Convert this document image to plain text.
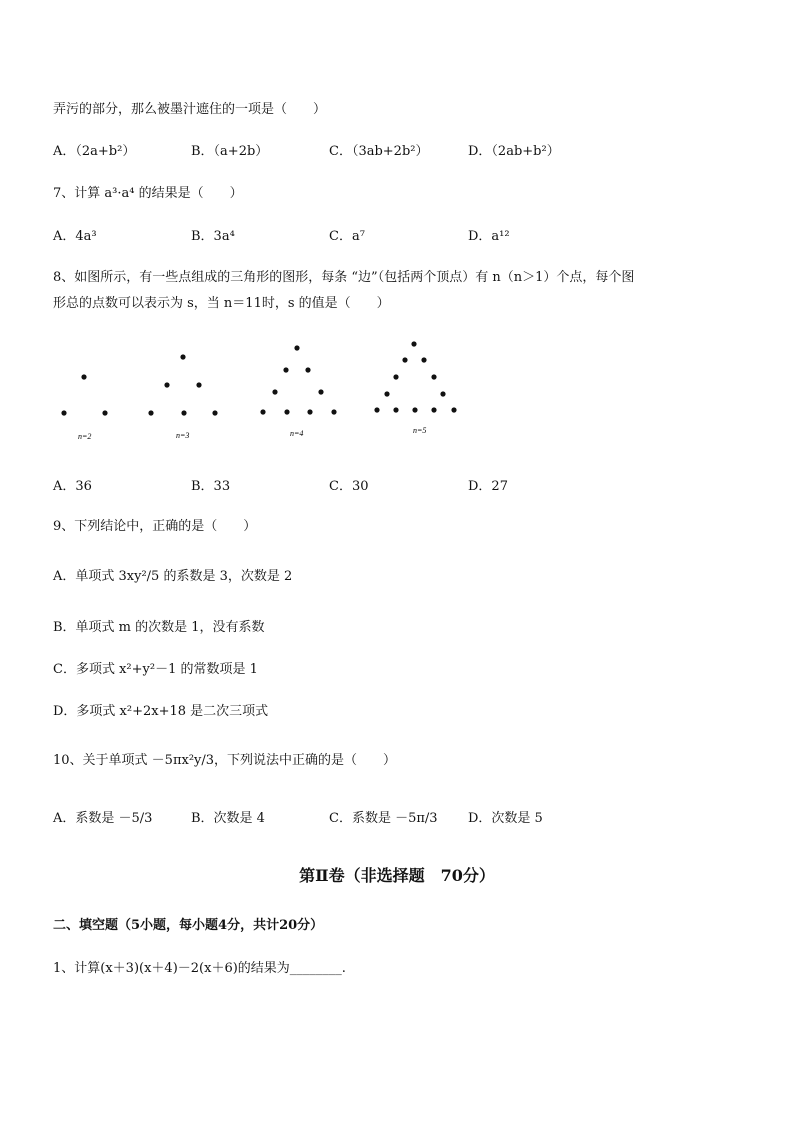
弄污的部分，那么被墨汁遮住的一项是（　　）
A．（2a+b²）	B．（a+2b）	C．（3ab+2b²）	D．（2ab+b²）
7、计算 a³·a⁴ 的结果是（　　）
A．4a³	B．3a⁴	C．a⁷	D．a¹²
8、如图所示，有一些点组成的三角形的图形，每条 “边”（包括两个顶点）有 n（n＞1）个点，每个图
形总的点数可以表示为 s，当 n＝11时，s 的值是（　　）
n=2	n=3	n=4	n=5
A．36	B．33	C．30	D．27
9、下列结论中，正确的是（　　）
A．单项式 3xy²/5 的系数是 3，次数是 2
B．单项式 m 的次数是 1，没有系数
C．多项式 x²+y²－1 的常数项是 1
D．多项式 x²+2x+18 是二次三项式
10、关于单项式 －5πx²y/3，下列说法中正确的是（　　）
A．系数是 －5/3	B．次数是 4	C．系数是 －5π/3 D．次数是 5
第Ⅱ卷（非选择题　70分）
二、填空题（5小题，每小题4分，共计20分）
1、计算(x＋3)(x＋4)－2(x＋6)的结果为________.
